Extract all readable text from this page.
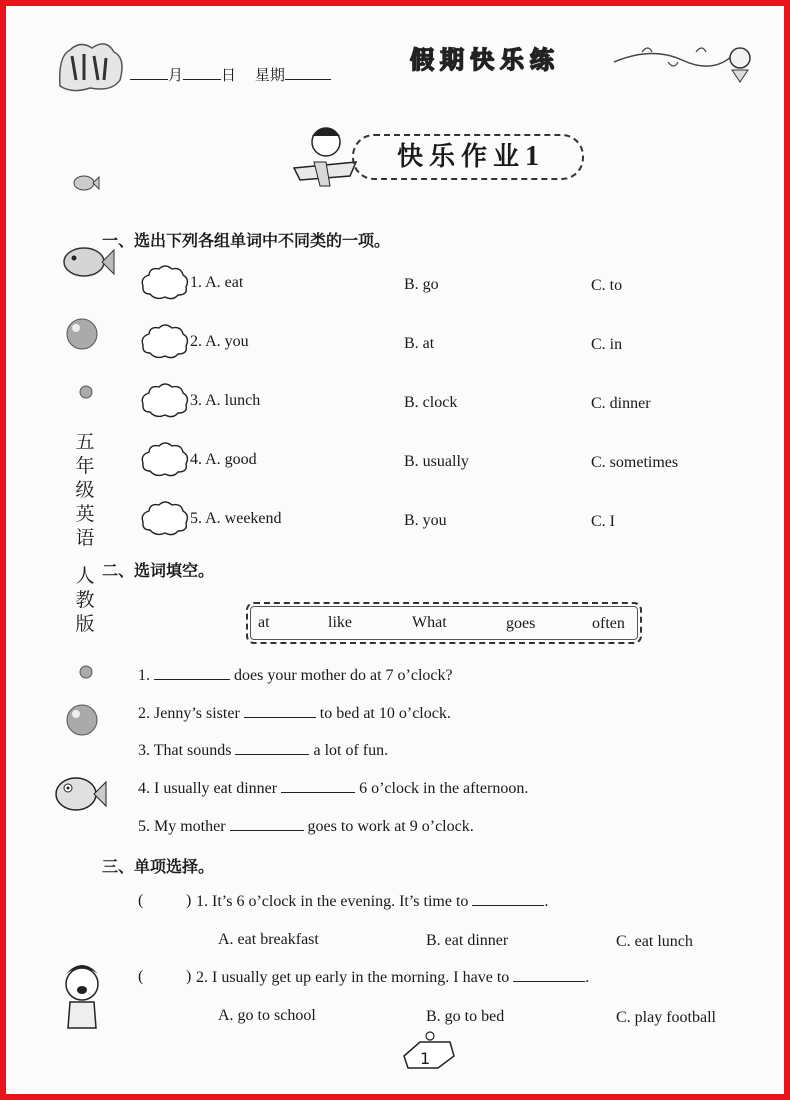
月	日 星期
假期快乐练
快乐作业1
五
年
级
英
语
人
教
版
一、选出下列各组单词中不同类的一项。
1. A. eat	B. go	C. to
2. A. you	B. at	C. in
3. A. lunch	B. clock	C. dinner
4. A. good	B. usually	C. sometimes
5. A. weekend	B. you	C. I
二、选词填空。
at	like	What	goes	often
1.	does your mother do at 7 o’clock?
2. Jenny’s sister	to bed at 10 o’clock.
3. That sounds	a lot of fun.
4. I usually eat dinner	6 o’clock in the afternoon.
5. My mother	goes to work at 9 o’clock.
三、单项选择。
(	) 1. It’s 6 o’clock in the evening. It’s time to	.
A. eat breakfast	B. eat dinner	C. eat lunch
(	) 2. I usually get up early in the morning. I have to	.
A. go to school	B. go to bed	C. play football
1
